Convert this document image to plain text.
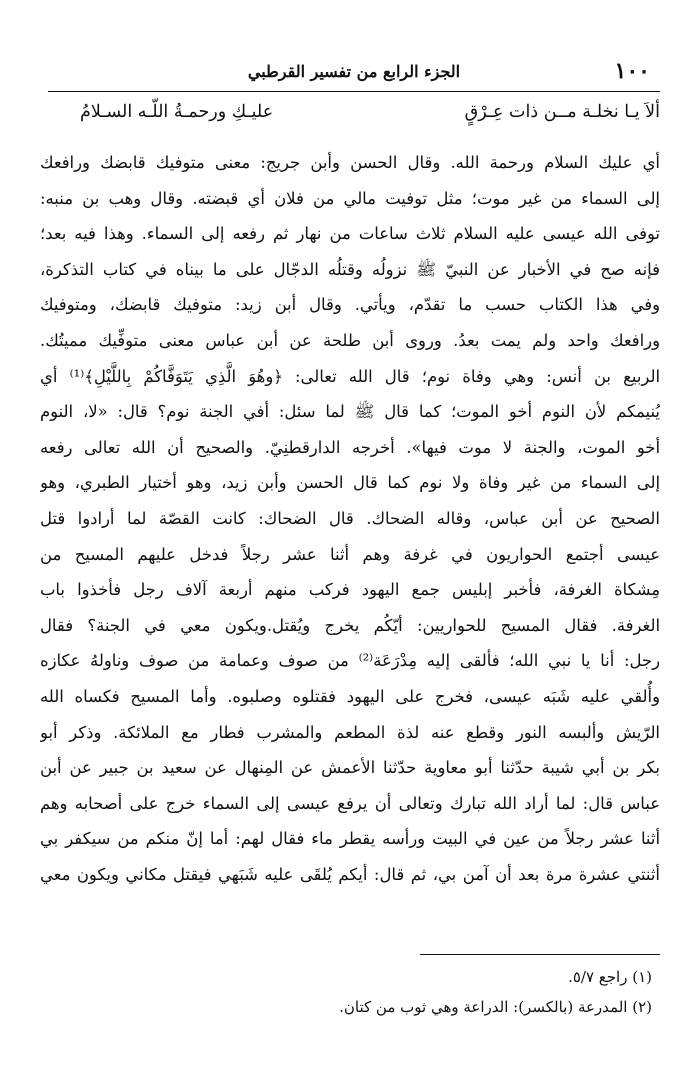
١٠٠
الجزء الرابع من تفسير القرطبي
ألاَ يـا نخلـة مــن ذات عِـرْقٍ
عليـكِ ورحمـةُ اللّـه السـلامُ
أي عليك السلام ورحمة الله. وقال الحسن وأبن جريج: معنى متوفيك قابضك ورافعك
إلى السماء من غير موت؛ مثل توفيت مالي من فلان أي قبضته. وقال وهب بن منبه:
توفى الله عيسى عليه السلام ثلاث ساعات من نهار ثم رفعه إلى السماء. وهذا فيه بعد؛
فإنه صح في الأخبار عن النبيّ ﷺ نزولُه وقتلُه الدجّال على ما بيناه في كتاب التذكرة،
وفي هذا الكتاب حسب ما تقدّم، ويأتي. وقال أبن زيد: متوفيك قابضك، ومتوفيك
ورافعك واحد ولم يمت بعدُ. وروى أبن طلحة عن أبن عباس معنى متوفِّيك مميتُك.
الربيع بن أنس: وهي وفاة نوم؛ قال الله تعالى: ﴿وهُوَ الَّذِي يَتَوَفَّاكُمْ بِاللَّيْلِ﴾⁽¹⁾ أي
يُنيمكم لأن النوم أخو الموت؛ كما قال ﷺ لما سئل: أفي الجنة نوم؟ قال: «لا، النوم
أخو الموت، والجنة لا موت فيها». أخرجه الدارقطنِيّ. والصحيح أن الله تعالى رفعه
إلى السماء من غير وفاة ولا نوم كما قال الحسن وأبن زيد، وهو أختيار الطبري، وهو
الصحيح عن أبن عباس، وقاله الضحاك. قال الضحاك: كانت القصّة لما أرادوا قتل
عيسى أجتمع الحواريون في غرفة وهم أثنا عشر رجلاً فدخل عليهم المسيح من
مِشكاة الغرفة، فأخبر إبليس جمع اليهود فركب منهم أربعة آلاف رجل فأخذوا باب
الغرفة. فقال المسيح للحواريين: أيّكُم يخرج ويُقتل.ويكون معي في الجنة؟ فقال
رجل: أنا يا نبي الله؛ فألقى إليه مِدْرَعَة⁽²⁾ من صوف وعمامة من صوف وناولهُ عكازه
وأُلقي عليه شَبَه عيسى، فخرج على اليهود فقتلوه وصلبوه. وأما المسيح فكساه الله
الرّيش وألبسه النور وقطع عنه لذة المطعم والمشرب فطار مع الملائكة. وذكر أبو
بكر بن أبي شيبة حدّثنا أبو معاوية حدّثنا الأعمش عن المِنهال عن سعيد بن جبير عن أبن
عباس قال: لما أراد الله تبارك وتعالى أن يرفع عيسى إلى السماء خرج على أصحابه وهم
أثنا عشر رجلاً من عين في البيت ورأسه يقطر ماء فقال لهم: أما إنّ منكم من سيكفر بي
أثنتي عشرة مرة بعد أن آمن بي، ثم قال: أيكم يُلقَى عليه شَبَهي فيقتل مكاني ويكون معي
(١) راجع ٥/٧.
(٢) المدرعة (بالكسر): الدراعة وهي ثوب من كتان.
